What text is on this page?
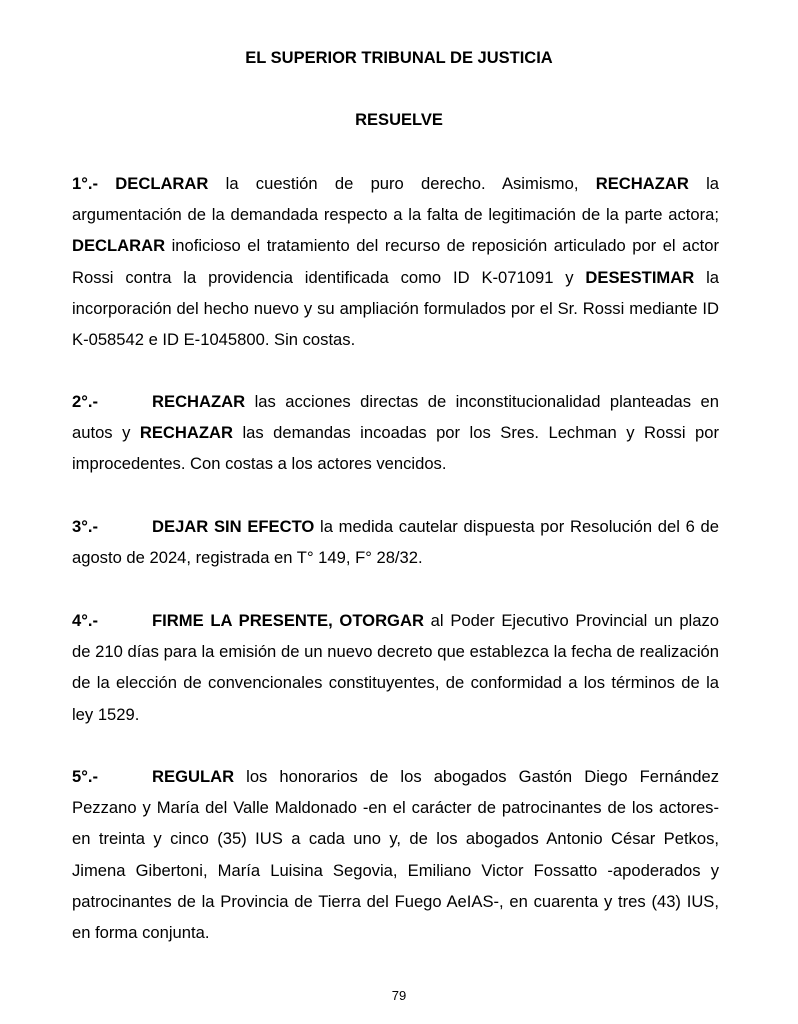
EL SUPERIOR TRIBUNAL DE JUSTICIA
RESUELVE
1°.- DECLARAR la cuestión de puro derecho. Asimismo, RECHAZAR la argumentación de la demandada respecto a la falta de legitimación de la parte actora; DECLARAR inoficioso el tratamiento del recurso de reposición articulado por el actor Rossi contra la providencia identificada como ID K-071091 y DESESTIMAR la incorporación del hecho nuevo y su ampliación formulados por el Sr. Rossi mediante ID K-058542 e ID E-1045800. Sin costas.
2°.-	RECHAZAR las acciones directas de inconstitucionalidad planteadas en autos y RECHAZAR las demandas incoadas por los Sres. Lechman y Rossi por improcedentes. Con costas a los actores vencidos.
3°.-	DEJAR SIN EFECTO la medida cautelar dispuesta por Resolución del 6 de agosto de 2024, registrada en T° 149, F° 28/32.
4°.-	FIRME LA PRESENTE, OTORGAR al Poder Ejecutivo Provincial un plazo de 210 días para la emisión de un nuevo decreto que establezca la fecha de realización de la elección de convencionales constituyentes, de conformidad a los términos de la ley 1529.
5°.-	REGULAR los honorarios de los abogados Gastón Diego Fernández Pezzano y María del Valle Maldonado -en el carácter de patrocinantes de los actores- en treinta y cinco (35) IUS a cada uno y, de los abogados Antonio César Petkos, Jimena Gibertoni, María Luisina Segovia, Emiliano Victor Fossatto -apoderados y patrocinantes de la Provincia de Tierra del Fuego AeIAS-, en cuarenta y tres (43) IUS, en forma conjunta.
79
